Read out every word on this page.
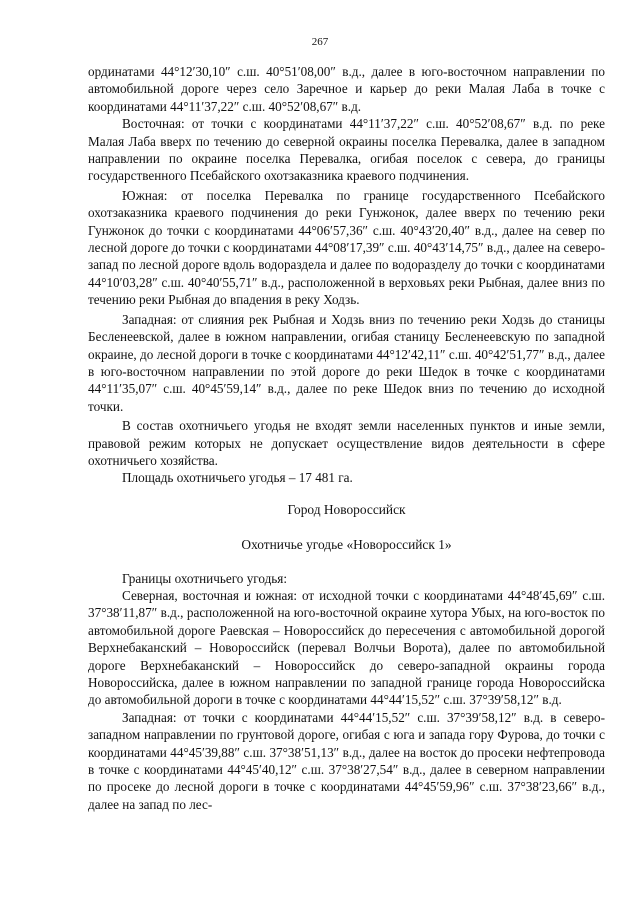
267

ординатами 44°12′30,10″ с.ш. 40°51′08,00″ в.д., далее в юго-восточном направлении по автомобильной дороге через село Заречное и карьер до реки Малая Лаба в точке с координатами 44°11′37,22″ с.ш. 40°52′08,67″ в.д.

Восточная: от точки с координатами 44°11′37,22″ с.ш. 40°52′08,67″ в.д. по реке Малая Лаба вверх по течению до северной окраины поселка Перевалка, далее в западном направлении по окраине поселка Перевалка, огибая поселок с севера, до границы государственного Псебайского охотзаказника краевого подчинения.

Южная: от поселка Перевалка по границе государственного Псебайского охотзаказника краевого подчинения до реки Гунжонок, далее вверх по течению реки Гунжонок до точки с координатами 44°06′57,36″ с.ш. 40°43′20,40″ в.д., далее на север по лесной дороге до точки с координатами 44°08′17,39″ с.ш. 40°43′14,75″ в.д., далее на северо-запад по лесной дороге вдоль водораздела и далее по водоразделу до точки с координатами 44°10′03,28″ с.ш. 40°40′55,71″ в.д., расположенной в верховьях реки Рыбная, далее вниз по течению реки Рыбная до впадения в реку Ходзь.

Западная: от слияния рек Рыбная и Ходзь вниз по течению реки Ходзь до станицы Бесленеевской, далее в южном направлении, огибая станицу Бесленеевскую по западной окраине, до лесной дороги в точке с координатами 44°12′42,11″ с.ш. 40°42′51,77″ в.д., далее в юго-восточном направлении по этой дороге до реки Шедок в точке с координатами 44°11′35,07″ с.ш. 40°45′59,14″ в.д., далее по реке Шедок вниз по течению до исходной точки.

В состав охотничьего угодья не входят земли населенных пунктов и иные земли, правовой режим которых не допускает осуществление видов деятельности в сфере охотничьего хозяйства.

Площадь охотничьего угодья – 17 481 га.

Город Новороссийск
Охотничье угодье «Новороссийск 1»

Границы охотничьего угодья:

Северная, восточная и южная: от исходной точки с координатами 44°48′45,69″ с.ш. 37°38′11,87″ в.д., расположенной на юго-восточной окраине хутора Убых, на юго-восток по автомобильной дороге Раевская – Новороссийск до пересечения с автомобильной дорогой Верхнебаканский – Новороссийск (перевал Волчьи Ворота), далее по автомобильной дороге Верхнебаканский – Новороссийск до северо-западной окраины города Новороссийска, далее в южном направлении по западной границе города Новороссийска до автомобильной дороги в точке с координатами 44°44′15,52″ с.ш. 37°39′58,12″ в.д.

Западная: от точки с координатами 44°44′15,52″ с.ш. 37°39′58,12″ в.д. в северо-западном направлении по грунтовой дороге, огибая с юга и запада гору Фурова, до точки с координатами 44°45′39,88″ с.ш. 37°38′51,13″ в.д., далее на восток до просеки нефтепровода в точке с координатами 44°45′40,12″ с.ш. 37°38′27,54″ в.д., далее в северном направлении по просеке до лесной дороги в точке с координатами 44°45′59,96″ с.ш. 37°38′23,66″ в.д., далее на запад по лес-
